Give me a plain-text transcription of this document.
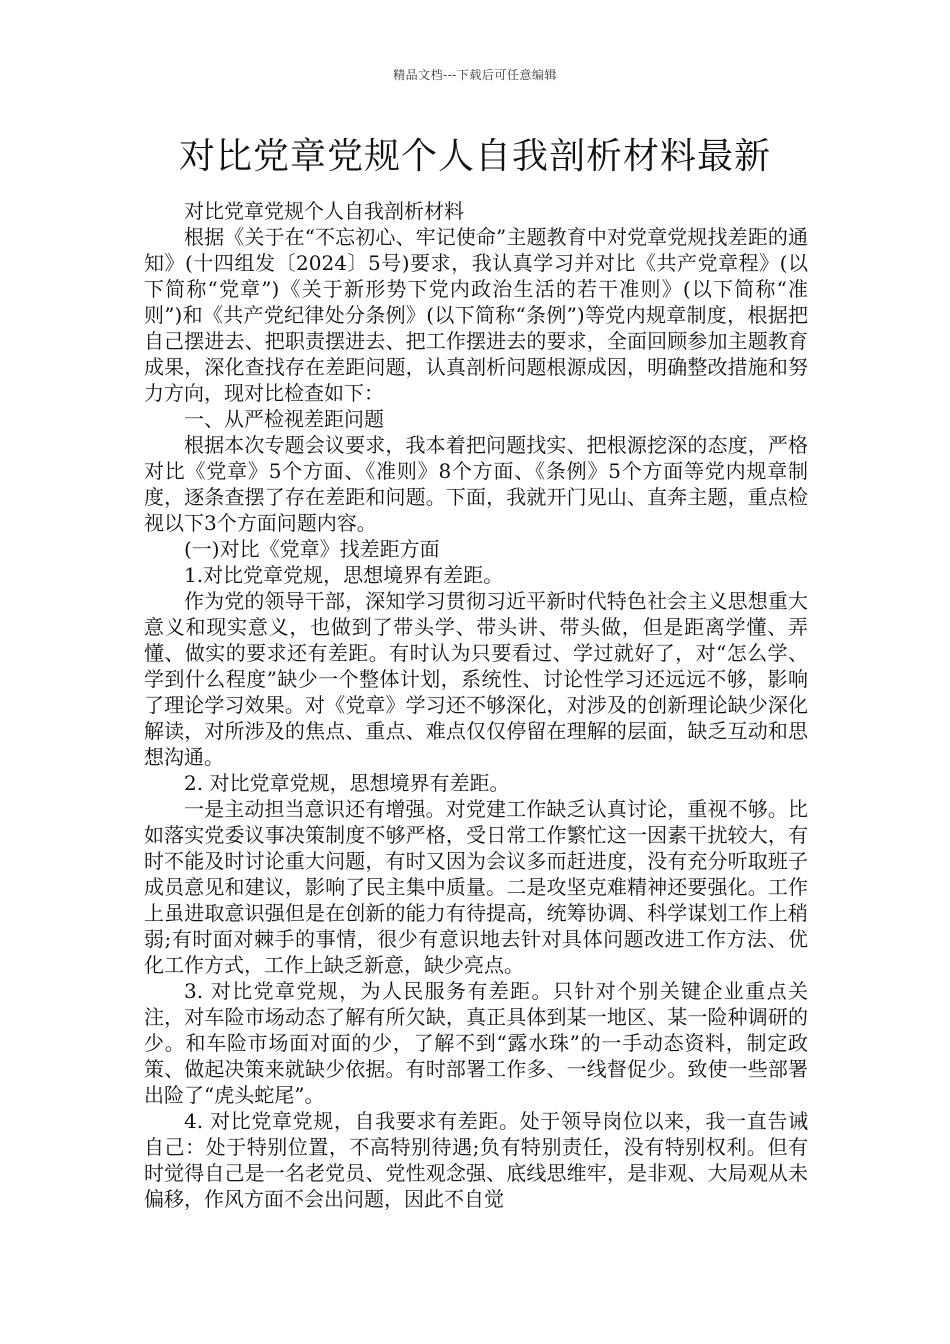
精品文档---下载后可任意编辑
对比党章党规个人自我剖析材料最新

对比党章党规个人自我剖析材料

根据《关于在“不忘初心、牢记使命”主题教育中对党章党规找差距的通知》(十四组发〔2024〕5号)要求，我认真学习并对比《共产党章程》(以下简称“党章”)《关于新形势下党内政治生活的若干准则》(以下简称“准则”)和《共产党纪律处分条例》(以下简称“条例”)等党内规章制度，根据把自己摆进去、把职责摆进去、把工作摆进去的要求，全面回顾参加主题教育成果，深化查找存在差距问题，认真剖析问题根源成因，明确整改措施和努力方向，现对比检查如下：

一、从严检视差距问题

根据本次专题会议要求，我本着把问题找实、把根源挖深的态度，严格对比《党章》5个方面、《准则》8个方面、《条例》5个方面等党内规章制度，逐条查摆了存在差距和问题。下面，我就开门见山、直奔主题，重点检视以下3个方面问题内容。

(一)对比《党章》找差距方面

1.对比党章党规，思想境界有差距。

作为党的领导干部，深知学习贯彻习近平新时代特色社会主义思想重大意义和现实意义，也做到了带头学、带头讲、带头做，但是距离学懂、弄懂、做实的要求还有差距。有时认为只要看过、学过就好了，对“怎么学、学到什么程度”缺少一个整体计划，系统性、讨论性学习还远远不够，影响了理论学习效果。对《党章》学习还不够深化，对涉及的创新理论缺少深化解读，对所涉及的焦点、重点、难点仅仅停留在理解的层面，缺乏互动和思想沟通。

2. 对比党章党规，思想境界有差距。

一是主动担当意识还有增强。对党建工作缺乏认真讨论，重视不够。比如落实党委议事决策制度不够严格，受日常工作繁忙这一因素干扰较大，有时不能及时讨论重大问题，有时又因为会议多而赶进度，没有充分听取班子成员意见和建议，影响了民主集中质量。二是攻坚克难精神还要强化。工作上虽进取意识强但是在创新的能力有待提高，统筹协调、科学谋划工作上稍弱;有时面对棘手的事情，很少有意识地去针对具体问题改进工作方法、优化工作方式，工作上缺乏新意，缺少亮点。

3. 对比党章党规，为人民服务有差距。只针对个别关键企业重点关注，对车险市场动态了解有所欠缺，真正具体到某一地区、某一险种调研的少。和车险市场面对面的少，了解不到“露水珠”的一手动态资料，制定政策、做起决策来就缺少依据。有时部署工作多、一线督促少。致使一些部署出险了“虎头蛇尾”。

4. 对比党章党规，自我要求有差距。处于领导岗位以来，我一直告诫自己：处于特别位置，不高特别待遇;负有特别责任，没有特别权利。但有时觉得自己是一名老党员、党性观念强、底线思维牢，是非观、大局观从未偏移，作风方面不会出问题，因此不自觉
